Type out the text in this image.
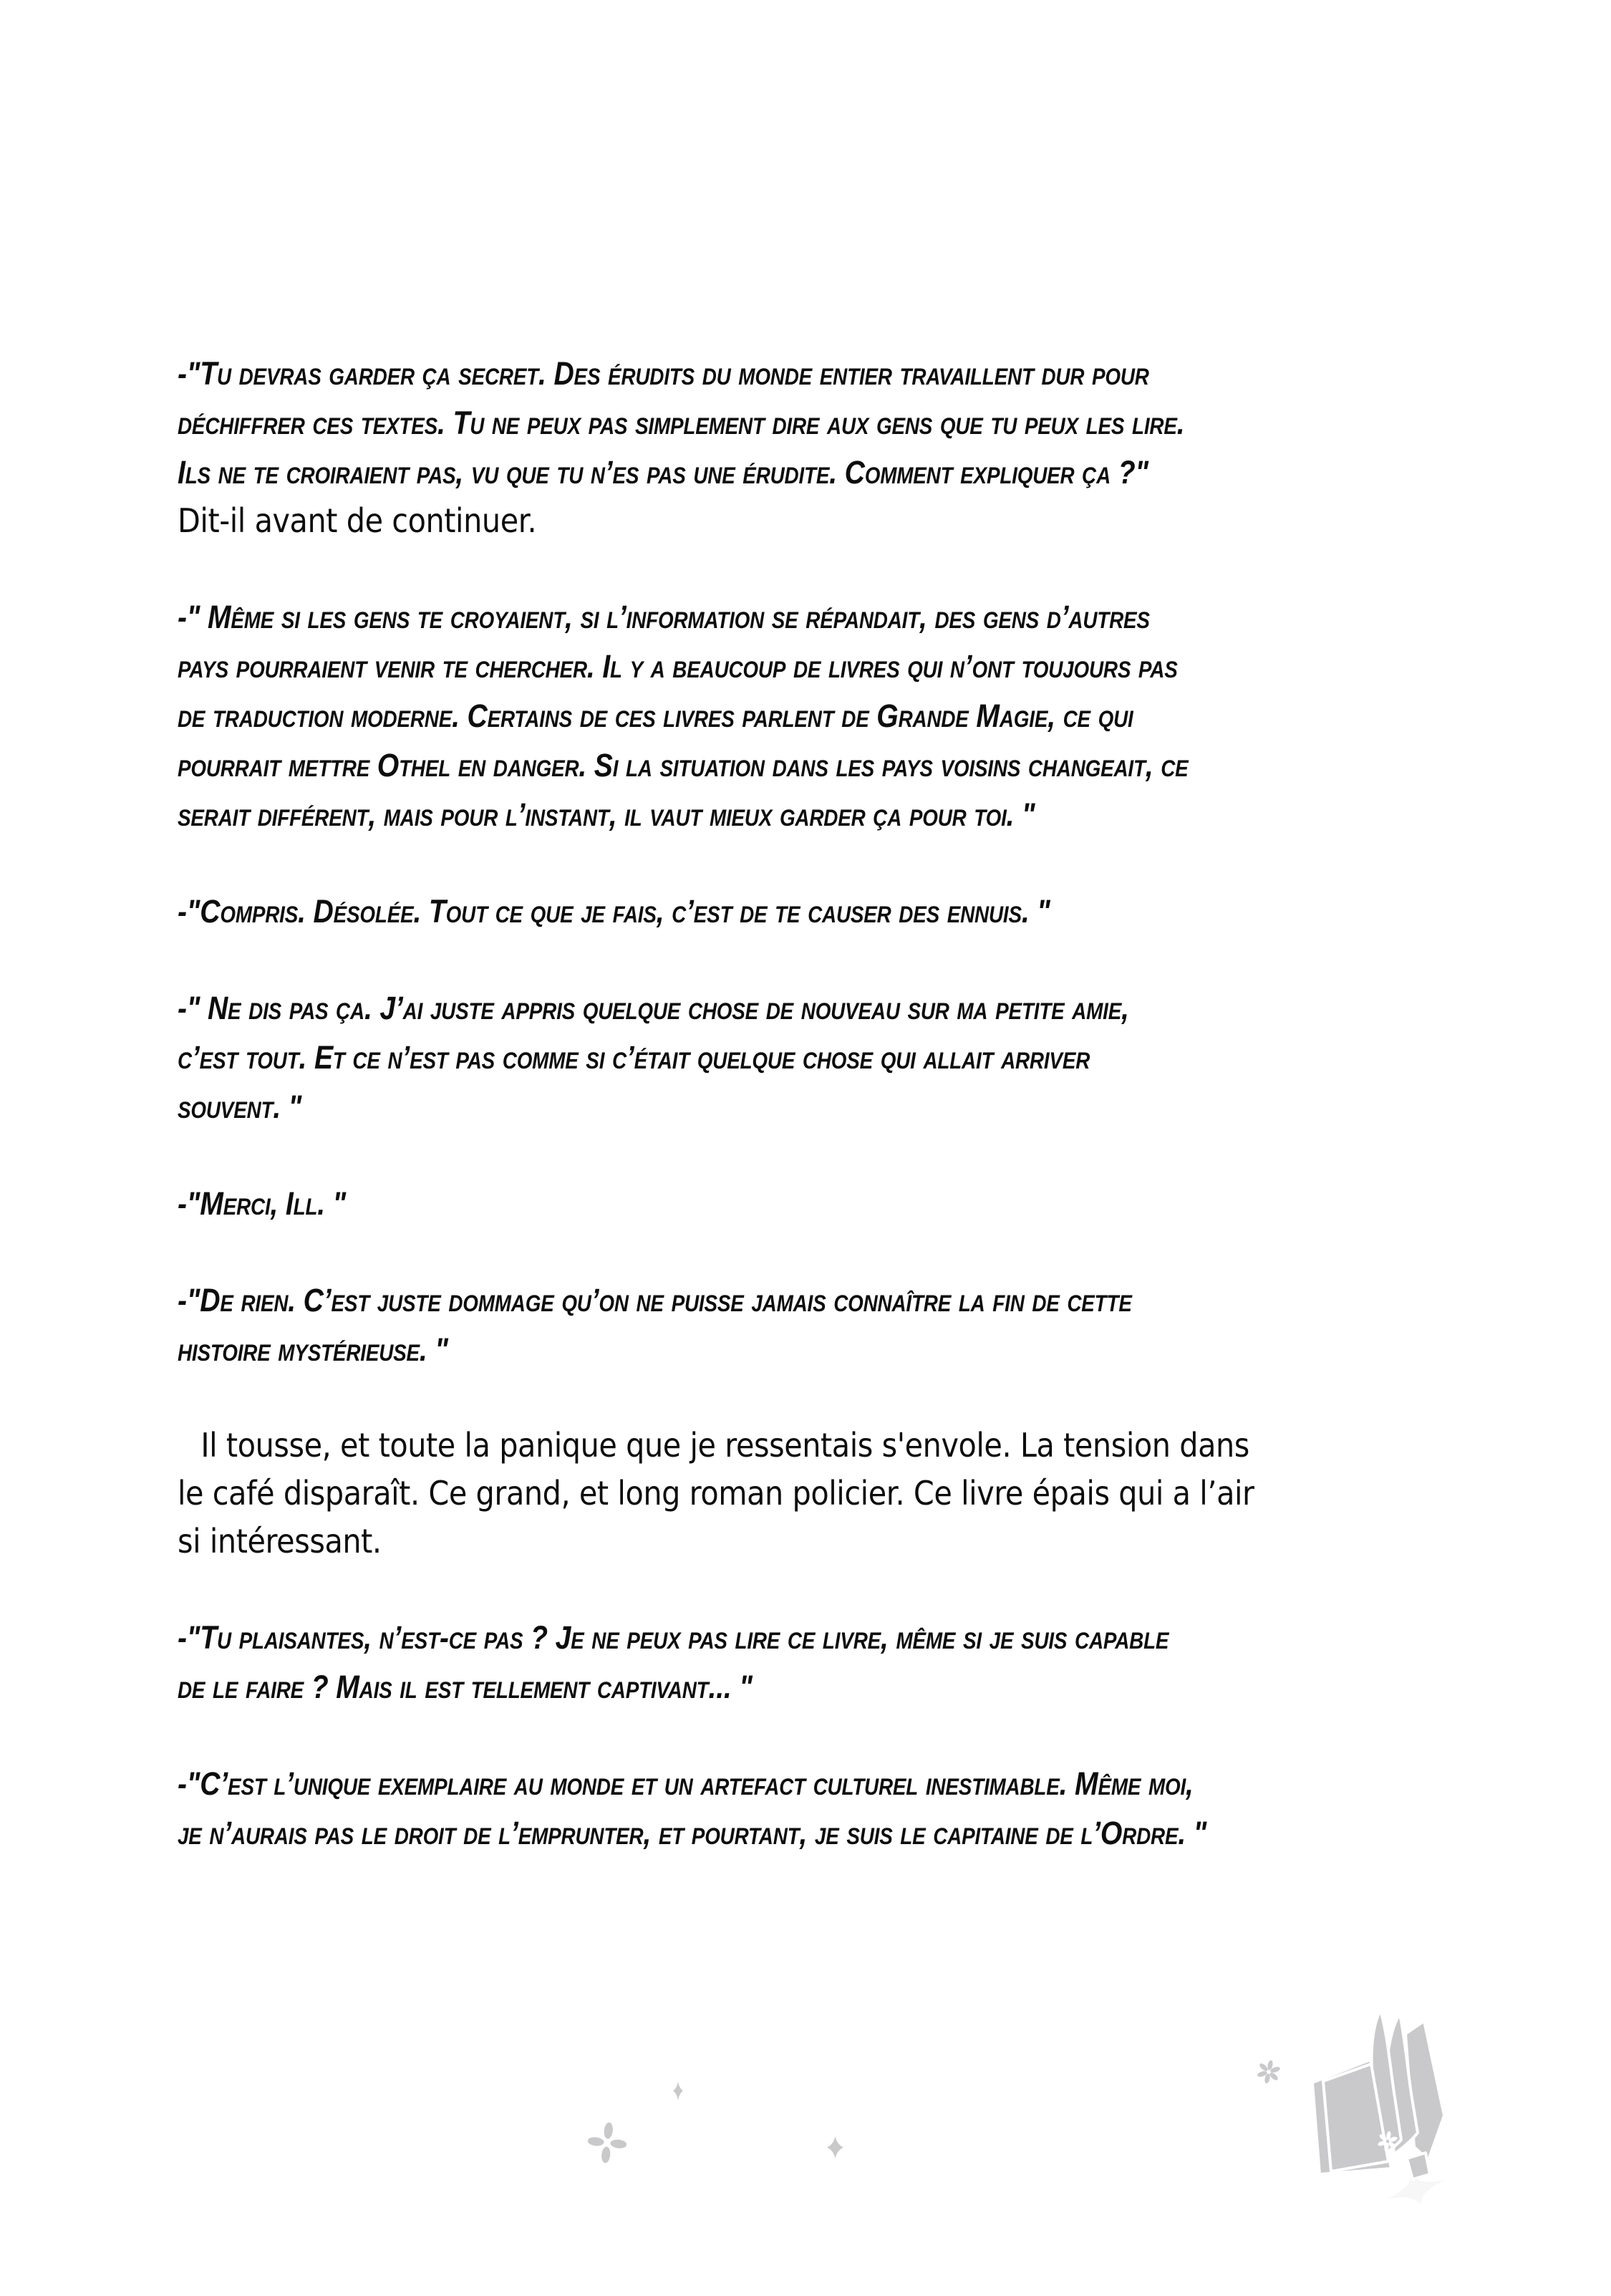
-"Tu devras garder ça secret. Des érudits du monde entier travaillent dur pour
déchiffrer ces textes. Tu ne peux pas simplement dire aux gens que tu peux les lire.
Ils ne te croiraient pas, vu que tu n’es pas une érudite. Comment expliquer ça ?"
Dit-il avant de continuer.
-" Même si les gens te croyaient, si l’information se répandait, des gens d’autres
pays pourraient venir te chercher. Il y a beaucoup de livres qui n’ont toujours pas
de traduction moderne. Certains de ces livres parlent de Grande Magie, ce qui
pourrait mettre Othel en danger. Si la situation dans les pays voisins changeait, ce
serait différent, mais pour l’instant, il vaut mieux garder ça pour toi. "
-"Compris. Désolée. Tout ce que je fais, c’est de te causer des ennuis. "
-" Ne dis pas ça. J’ai juste appris quelque chose de nouveau sur ma petite amie,
c’est tout. Et ce n’est pas comme si c’était quelque chose qui allait arriver
souvent. "
-"Merci, Ill. "
-"De rien. C’est juste dommage qu’on ne puisse jamais connaître la fin de cette
histoire mystérieuse. "
Il tousse, et toute la panique que je ressentais s'envole. La tension dans
le café disparaît. Ce grand, et long roman policier. Ce livre épais qui a l’air
si intéressant.
-"Tu plaisantes, n’est-ce pas ? Je ne peux pas lire ce livre, même si je suis capable
de le faire ? Mais il est tellement captivant... "
-"C’est l’unique exemplaire au monde et un artefact culturel inestimable. Même moi,
je n’aurais pas le droit de l’emprunter, et pourtant, je suis le capitaine de l’Ordre. "
